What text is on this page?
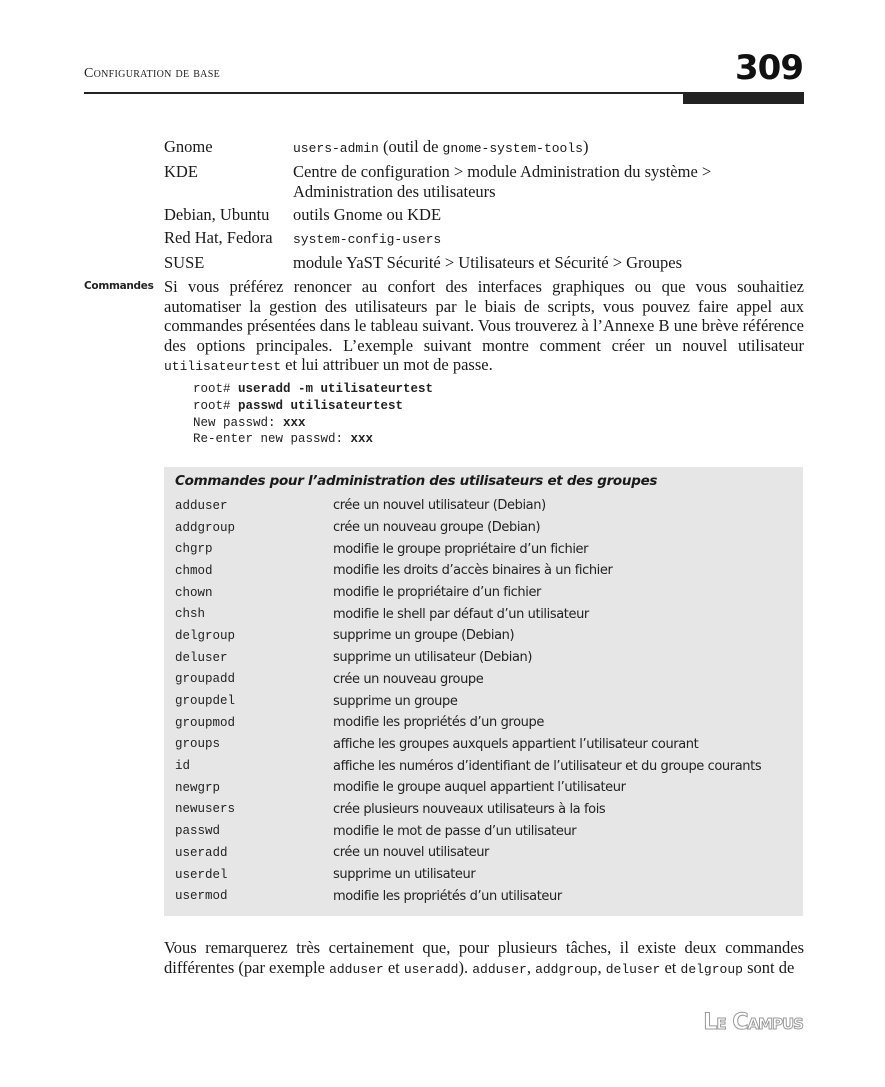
Configuration de base	309
Gnome	users-admin (outil de gnome-system-tools)
KDE	Centre de configuration > module Administration du système > Administration des utilisateurs
Debian, Ubuntu	outils Gnome ou KDE
Red Hat, Fedora	system-config-users
SUSE	module YaST Sécurité > Utilisateurs et Sécurité > Groupes
Commandes Si vous préférez renoncer au confort des interfaces graphiques ou que vous souhaitiez automatiser la gestion des utilisateurs par le biais de scripts, vous pouvez faire appel aux commandes présentées dans le tableau suivant. Vous trouverez à l’Annexe B une brève référence des options principales. L’exemple suivant montre comment créer un nouvel utilisateur utilisateurtest et lui attribuer un mot de passe.

root# useradd -m utilisateurtest
root# passwd utilisateurtest
New passwd: xxx
Re-enter new passwd: xxx
Commandes pour l’administration des utilisateurs et des groupes
adduser	crée un nouvel utilisateur (Debian)
addgroup	crée un nouveau groupe (Debian)
chgrp	modifie le groupe propriétaire d’un fichier
chmod	modifie les droits d’accès binaires à un fichier
chown	modifie le propriétaire d’un fichier
chsh	modifie le shell par défaut d’un utilisateur
delgroup	supprime un groupe (Debian)
deluser	supprime un utilisateur (Debian)
groupadd	crée un nouveau groupe
groupdel	supprime un groupe
groupmod	modifie les propriétés d’un groupe
groups	affiche les groupes auxquels appartient l’utilisateur courant
id	affiche les numéros d’identifiant de l’utilisateur et du groupe courants
newgrp	modifie le groupe auquel appartient l’utilisateur
newusers	crée plusieurs nouveaux utilisateurs à la fois
passwd	modifie le mot de passe d’un utilisateur
useradd	crée un nouvel utilisateur
userdel	supprime un utilisateur
usermod	modifie les propriétés d’un utilisateur

Vous remarquerez très certainement que, pour plusieurs tâches, il existe deux commandes différentes (par exemple adduser et useradd). adduser, addgroup, deluser et delgroup sont de

Le Campus
